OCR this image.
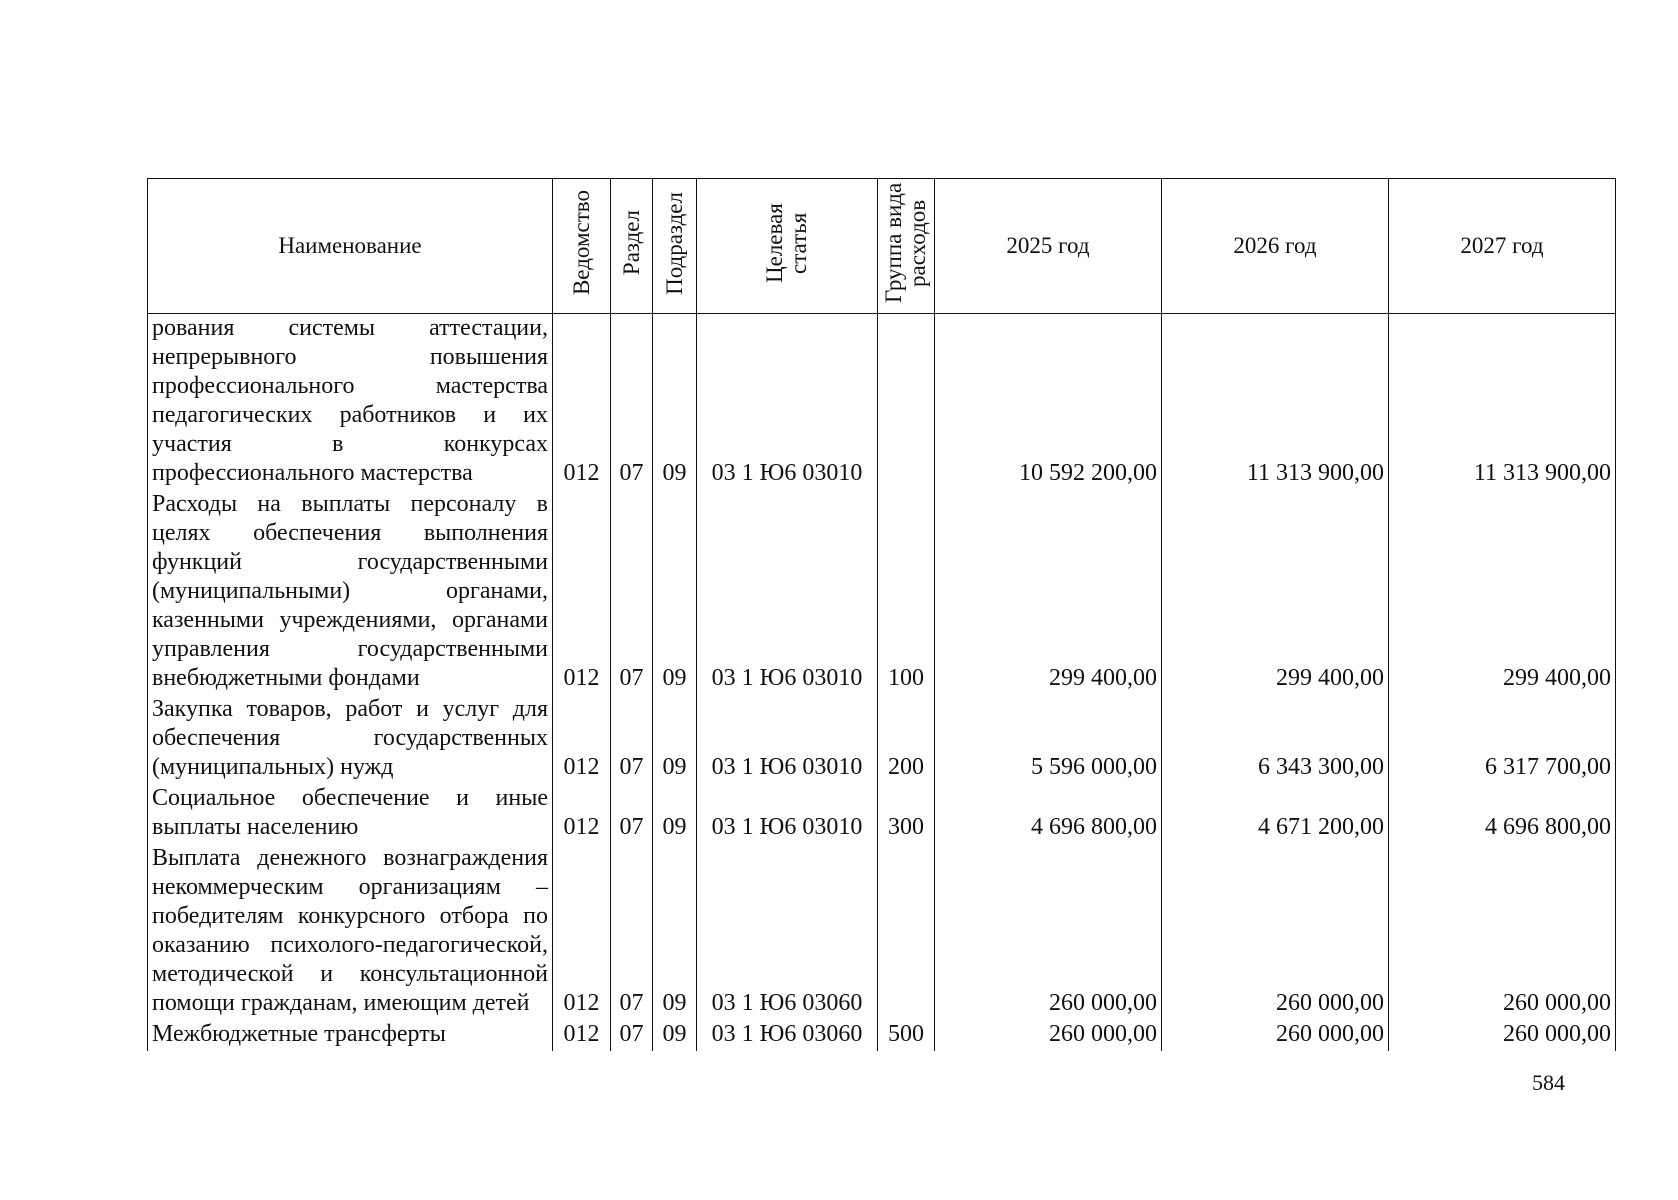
Наименование	Ведомство	Раздел	Подраздел	Целевая статья	Группа вида расходов	2025 год	2026 год	2027 год
рования системы аттестации, непрерывного повышения профессионального мастерства педагогических работников и их участия в конкурсах профессионального мастерства	012	07	09	03 1 Ю6 03010		10 592 200,00	11 313 900,00	11 313 900,00
Расходы на выплаты персоналу в целях обеспечения выполнения функций государственными (муниципальными) органами, казенными учреждениями, органами управления государственными внебюджетными фондами	012	07	09	03 1 Ю6 03010	100	299 400,00	299 400,00	299 400,00
Закупка товаров, работ и услуг для обеспечения государственных (муниципальных) нужд	012	07	09	03 1 Ю6 03010	200	5 596 000,00	6 343 300,00	6 317 700,00
Социальное обеспечение и иные выплаты населению	012	07	09	03 1 Ю6 03010	300	4 696 800,00	4 671 200,00	4 696 800,00
Выплата денежного вознаграждения некоммерческим организациям – победителям конкурсного отбора по оказанию психолого-педагогической, методической и консультационной помощи гражданам, имеющим детей	012	07	09	03 1 Ю6 03060		260 000,00	260 000,00	260 000,00
Межбюджетные трансферты	012	07	09	03 1 Ю6 03060	500	260 000,00	260 000,00	260 000,00
584
